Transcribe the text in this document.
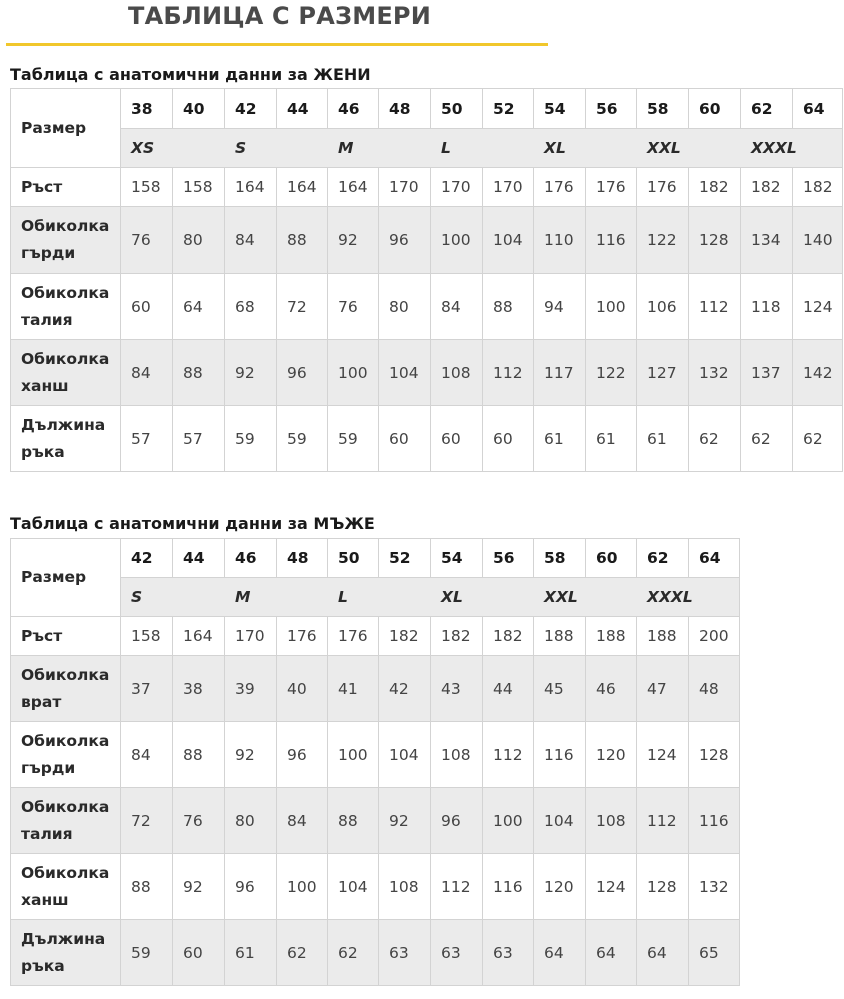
ТАБЛИЦА С РАЗМЕРИ
Таблица с анатомични данни за ЖЕНИ
Размер	38	40	42	44	46	48	50	52	54	56	58	60	62	64
	XS		S		M		L		XL		XXL		XXXL	
Ръст	158	158	164	164	164	170	170	170	176	176	176	182	182	182
Обиколка
гърди	76	80	84	88	92	96	100	104	110	116	122	128	134	140
Обиколка
талия	60	64	68	72	76	80	84	88	94	100	106	112	118	124
Обиколка
ханш	84	88	92	96	100	104	108	112	117	122	127	132	137	142
Дължина
ръка	57	57	59	59	59	60	60	60	61	61	61	62	62	62
Таблица с анатомични данни за МЪЖЕ
Размер	42	44	46	48	50	52	54	56	58	60	62	64
	S		M		L		XL		XXL		XXXL	
Ръст	158	164	170	176	176	182	182	182	188	188	188	200
Обиколка
врат	37	38	39	40	41	42	43	44	45	46	47	48
Обиколка
гърди	84	88	92	96	100	104	108	112	116	120	124	128
Обиколка
талия	72	76	80	84	88	92	96	100	104	108	112	116
Обиколка
ханш	88	92	96	100	104	108	112	116	120	124	128	132
Дължина
ръка	59	60	61	62	62	63	63	63	64	64	64	65
